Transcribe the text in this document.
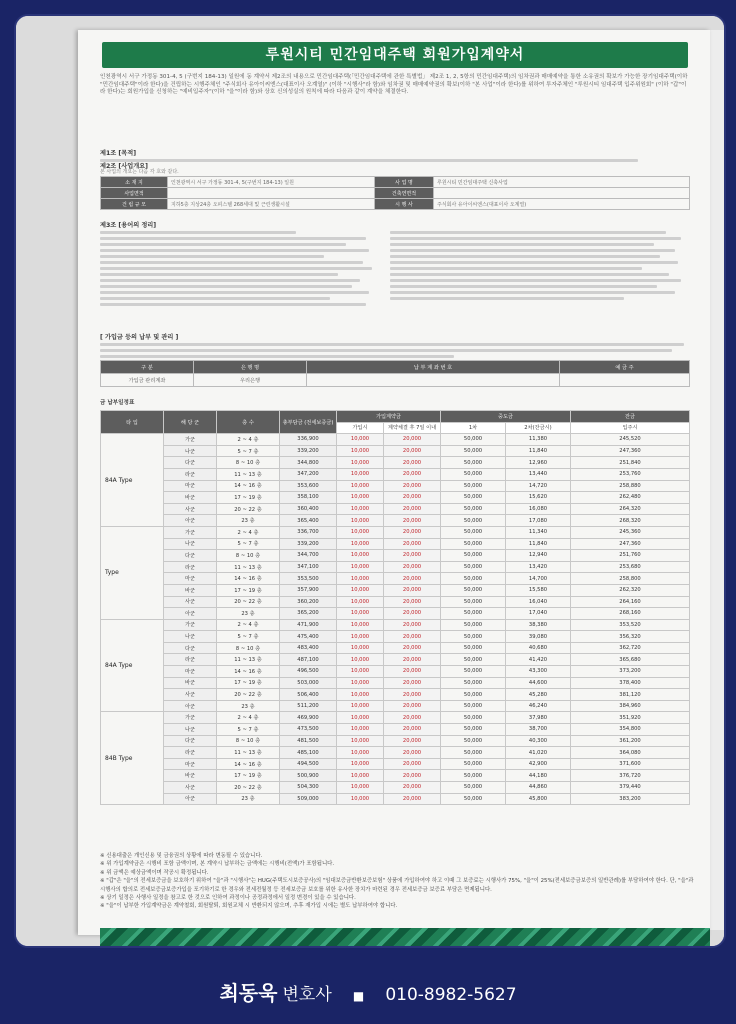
루원시티 민간임대주택 회원가입계약서
인천광역시 서구 가정동 301-4, 5 (구번지 184-13) 일원에 동 계약서 제2조의 내용으로 민간임대주택(「민간임대주택에 관한 특별법」 제2조 1, 2, 5항의 민간임대주택)의 임차권과 매매예약을 통한 소유권의 확보가 가능한 장기임대주택(이하 "민간임대주택"이라 한다)을 건립하는 시행주체인 "주식회사 유아이씨엔스(대표이사 오계열)" (이하 "시행사"라 함)와 임차권 및 매매예약권의 확보(이하 "본 사업"이라 한다)를 위하여 투자주체인 "루원시티 임대주택 입주위원회" (이하 "갑"이라 한다)는 회원가입을 신청하는 "예비입주자"(이하 "을"이라 함)와 상호 신의성실의 원칙에 따라 다음과 같이 계약을 체결한다.
제1조 [목적]
제2조 [사업개요]
본 사업의 개요는 다음 각 호와 같다.
소 재 지	인천광역시 서구 가정동 301-4, 5(구번지 184-13) 일원	사 업 명	루원시티 민간임대주택 신축사업
사업면적		건축연면적	
건 립 규 모	지하5층 지상24층 오피스텔 268세대 및 근린생활시설	시 행 사	주식회사 유아이씨엔스(대표이사 오계열)
제3조 [용어의 정리]
[ 가입금 등의 납부 및 관리 ]
구 분	은 행 명	납 부 계 좌 번 호	예 금 주
가입금 관리계좌	우리은행		
금 납부일정표
타 입	해 당 군	층 수	총부담금 (전세보증금)	가입계약금		중도금		잔금
				가입시	계약체결 후 7일 이내	1차	2차(잔금시)	입주시
84A Type	가군	2 ~ 4 층	336,900	10,000	20,000	50,000	11,380	245,520
	나군	5 ~ 7 층	339,200	10,000	20,000	50,000	11,840	247,360
	다군	8 ~ 10 층	344,800	10,000	20,000	50,000	12,960	251,840
	라군	11 ~ 13 층	347,200	10,000	20,000	50,000	13,440	253,760
	마군	14 ~ 16 층	353,600	10,000	20,000	50,000	14,720	258,880
	바군	17 ~ 19 층	358,100	10,000	20,000	50,000	15,620	262,480
	사군	20 ~ 22 층	360,400	10,000	20,000	50,000	16,080	264,320
	아군	23 층	365,400	10,000	20,000	50,000	17,080	268,320
Type	가군	2 ~ 4 층	336,700	10,000	20,000	50,000	11,340	245,360
	나군	5 ~ 7 층	339,200	10,000	20,000	50,000	11,840	247,360
	다군	8 ~ 10 층	344,700	10,000	20,000	50,000	12,940	251,760
	라군	11 ~ 13 층	347,100	10,000	20,000	50,000	13,420	253,680
	마군	14 ~ 16 층	353,500	10,000	20,000	50,000	14,700	258,800
	바군	17 ~ 19 층	357,900	10,000	20,000	50,000	15,580	262,320
	사군	20 ~ 22 층	360,200	10,000	20,000	50,000	16,040	264,160
	아군	23 층	365,200	10,000	20,000	50,000	17,040	268,160
84A Type	가군	2 ~ 4 층	471,900	10,000	20,000	50,000	38,380	353,520
	나군	5 ~ 7 층	475,400	10,000	20,000	50,000	39,080	356,320
	다군	8 ~ 10 층	483,400	10,000	20,000	50,000	40,680	362,720
	라군	11 ~ 13 층	487,100	10,000	20,000	50,000	41,420	365,680
	마군	14 ~ 16 층	496,500	10,000	20,000	50,000	43,300	373,200
	바군	17 ~ 19 층	503,000	10,000	20,000	50,000	44,600	378,400
	사군	20 ~ 22 층	506,400	10,000	20,000	50,000	45,280	381,120
	아군	23 층	511,200	10,000	20,000	50,000	46,240	384,960
84B Type	가군	2 ~ 4 층	469,900	10,000	20,000	50,000	37,980	351,920
	나군	5 ~ 7 층	473,500	10,000	20,000	50,000	38,700	354,800
	다군	8 ~ 10 층	481,500	10,000	20,000	50,000	40,300	361,200
	라군	11 ~ 13 층	485,100	10,000	20,000	50,000	41,020	364,080
	마군	14 ~ 16 층	494,500	10,000	20,000	50,000	42,900	371,600
	바군	17 ~ 19 층	500,900	10,000	20,000	50,000	44,180	376,720
	사군	20 ~ 22 층	504,300	10,000	20,000	50,000	44,860	379,440
	아군	23 층	509,000	10,000	20,000	50,000	45,800	383,200
※ 신용대출은 개인신용 및 금융권의 상황에 따라 변동될 수 있습니다.
※ 위 가입계약금은 시행비 포함 금액이며, 본 계약시 납부하는 금액에는 시행비(전액)가 포함됩니다.
※ 위 금액은 예상금액이며 작공시 확정됩니다.
※ "갑"은 "을"의 전세보증금을 보호하기 위하여 "을"과 "시행사"는 HUG(주택도시보증공사)의 "임대보증금반환보증보험" 상품에 가입하여야 하고 이때 그 보증료는 시행사가 75%, "을"이 25%(전세보증금보증의 일반관례)를 부담하여야 한다. 단, "을"과 시행사의 합의로 전세보증금보증가입을 포기하기로 한 경우와 전세전월정 등 전세보증금 보호를 위한 유사한 장치가 마련된 경우 전세보증금 보증료 부담은 면제됩니다.
※ 상기 일정은 사행사 일정을 참고로 한 것으로 인하여 과정이나 공정과정에서 일정 변경이 있을 수 있습니다.
※ "을"이 납부한 가입계약금은 계약철회, 회원탈퇴, 회원교체 시 반환되지 않으며, 추후 재가입 시에는 별도 납부하여야 합니다.
최동욱 변호사 ■ 010-8982-5627
